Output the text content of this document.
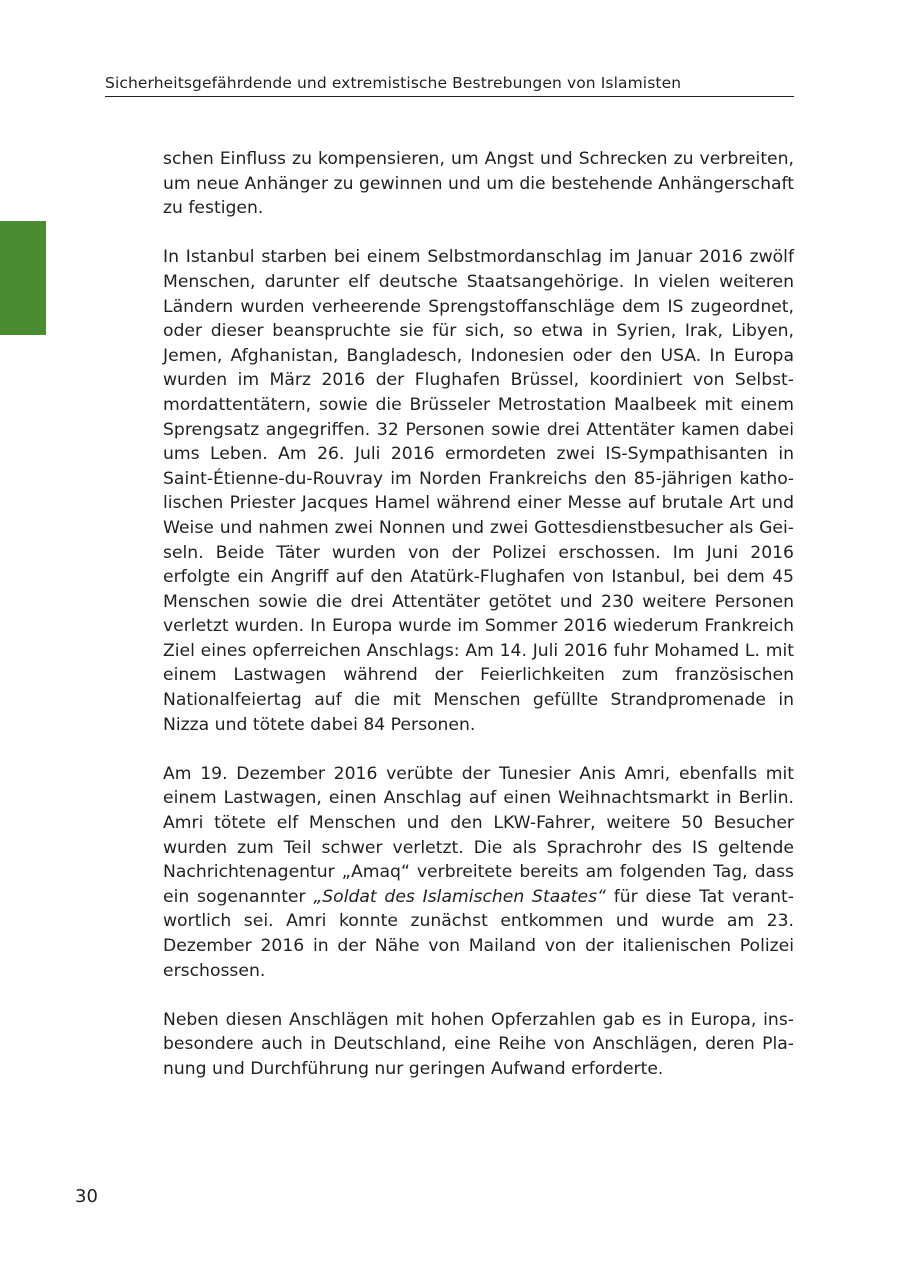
Sicherheitsgefährdende und extremistische Bestrebungen von Islamisten

schen Einfluss zu kompensieren, um Angst und Schrecken zu verbreiten, um neue Anhänger zu gewinnen und um die bestehende Anhängerschaft zu festigen.

In Istanbul starben bei einem Selbstmordanschlag im Januar 2016 zwölf Menschen, darunter elf deutsche Staatsangehörige. In vielen weiteren Ländern wurden verheerende Sprengstoffanschläge dem IS zugeordnet, oder dieser beanspruchte sie für sich, so etwa in Syrien, Irak, Libyen, Jemen, Afghanistan, Bangladesch, Indonesien oder den USA. In Europa wurden im März 2016 der Flughafen Brüssel, koordiniert von Selbstmordattentätern, sowie die Brüsseler Metrostation Maalbeek mit einem Sprengsatz angegriffen. 32 Personen sowie drei Attentäter kamen dabei ums Leben. Am 26. Juli 2016 ermordeten zwei IS-Sympathisanten in Saint-Étienne-du-Rouvray im Norden Frankreichs den 85-jährigen katholischen Priester Jacques Hamel während einer Messe auf brutale Art und Weise und nahmen zwei Nonnen und zwei Gottesdienstbesucher als Geiseln. Beide Täter wurden von der Polizei erschossen. Im Juni 2016 erfolgte ein Angriff auf den Atatürk-Flughafen von Istanbul, bei dem 45 Menschen sowie die drei Attentäter getötet und 230 weitere Personen verletzt wurden. In Europa wurde im Sommer 2016 wiederum Frankreich Ziel eines opferreichen Anschlags: Am 14. Juli 2016 fuhr Mohamed L. mit einem Lastwagen während der Feierlichkeiten zum französischen Nationalfeiertag auf die mit Menschen gefüllte Strandpromenade in Nizza und tötete dabei 84 Personen.

Am 19. Dezember 2016 verübte der Tunesier Anis Amri, ebenfalls mit einem Lastwagen, einen Anschlag auf einen Weihnachtsmarkt in Berlin. Amri tötete elf Menschen und den LKW-Fahrer, weitere 50 Besucher wurden zum Teil schwer verletzt. Die als Sprachrohr des IS geltende Nachrichtenagentur „Amaq“ verbreitete bereits am folgenden Tag, dass ein sogenannter „Soldat des Islamischen Staates“ für diese Tat verantwortlich sei. Amri konnte zunächst entkommen und wurde am 23. Dezember 2016 in der Nähe von Mailand von der italienischen Polizei erschossen.

Neben diesen Anschlägen mit hohen Opferzahlen gab es in Europa, insbesondere auch in Deutschland, eine Reihe von Anschlägen, deren Planung und Durchführung nur geringen Aufwand erforderte.

30
